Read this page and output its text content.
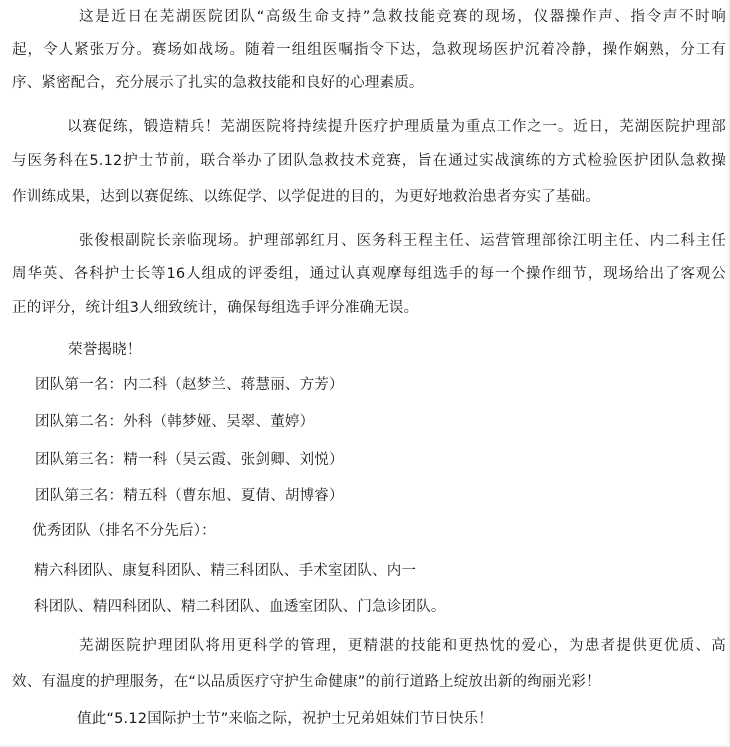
这是近日在芜湖医院团队“高级生命支持”急救技能竞赛的现场，仪器操作声、指令声不时响
起，令人紧张万分。赛场如战场。随着一组组医嘱指令下达，急救现场医护沉着冷静，操作娴熟，分工有
序、紧密配合，充分展示了扎实的急救技能和良好的心理素质。
以赛促练，锻造精兵！芜湖医院将持续提升医疗护理质量为重点工作之一。近日，芜湖医院护理部
与医务科在5.12护士节前，联合举办了团队急救技术竞赛，旨在通过实战演练的方式检验医护团队急救操
作训练成果，达到以赛促练、以练促学、以学促进的目的，为更好地救治患者夯实了基础。
张俊根副院长亲临现场。护理部郭红月、医务科王程主任、运营管理部徐江明主任、内二科主任
周华英、各科护士长等16人组成的评委组，通过认真观摩每组选手的每一个操作细节，现场给出了客观公
正的评分，统计组3人细致统计，确保每组选手评分准确无误。
荣誉揭晓！
团队第一名：内二科（赵梦兰、蒋慧丽、方芳）
团队第二名：外科（韩梦娅、吴翠、董婷）
团队第三名：精一科（吴云霞、张剑卿、刘悦）
团队第三名：精五科（曹东旭、夏倩、胡博睿）
优秀团队（排名不分先后）：
精六科团队、康复科团队、精三科团队、手术室团队、内一
科团队、精四科团队、精二科团队、血透室团队、门急诊团队。
芜湖医院护理团队将用更科学的管理，更精湛的技能和更热忱的爱心，为患者提供更优质、高
效、有温度的护理服务，在“以品质医疗守护生命健康”的前行道路上绽放出新的绚丽光彩！
值此“5.12国际护士节”来临之际，祝护士兄弟姐妹们节日快乐！
